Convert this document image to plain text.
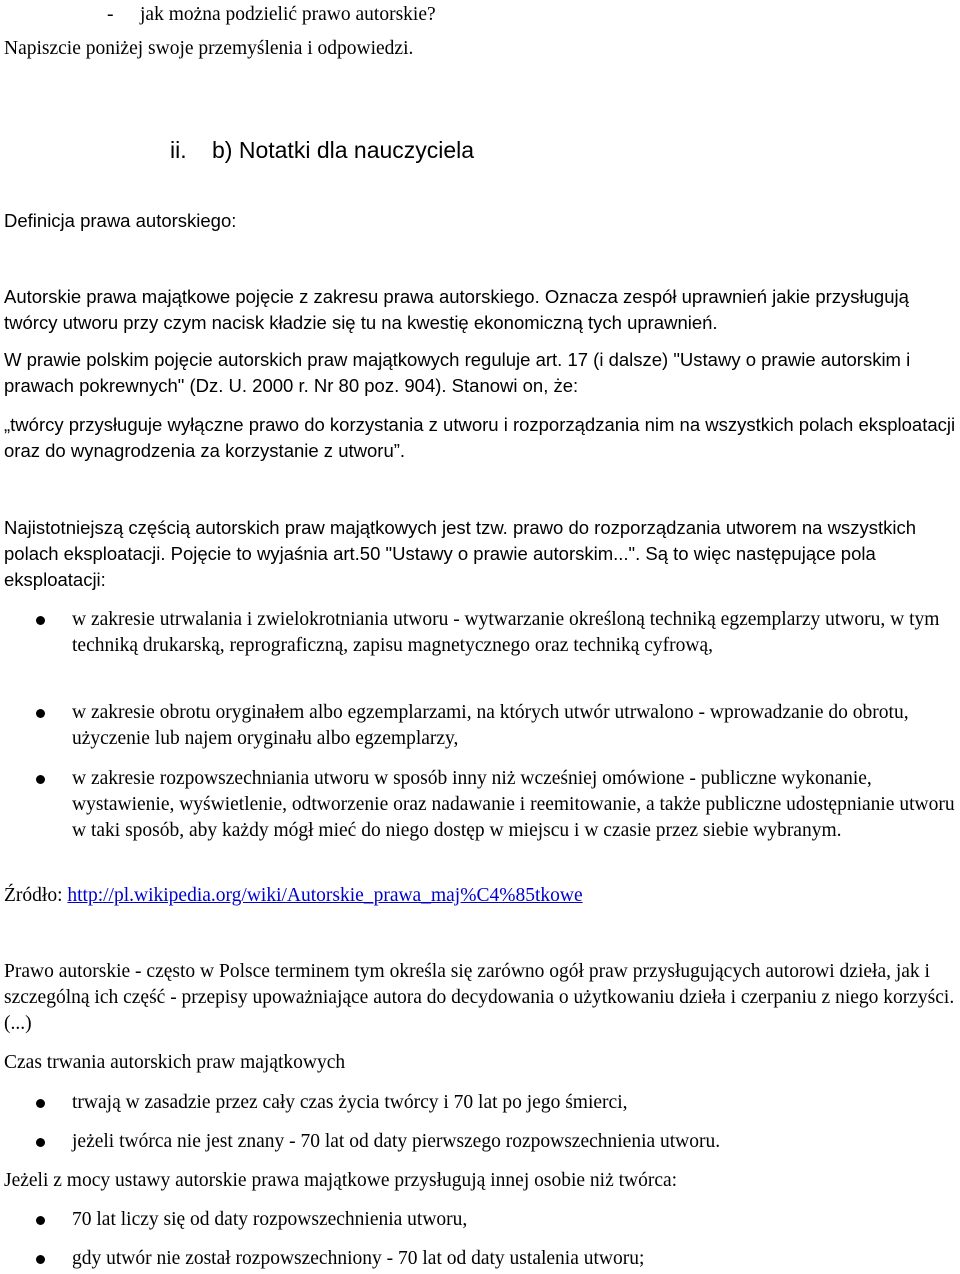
- jak można podzielić prawo autorskie?

Napiszcie poniżej swoje przemyślenia i odpowiedzi.

ii. b) Notatki dla nauczyciela

Definicja prawa autorskiego:

Autorskie prawa majątkowe pojęcie z zakresu prawa autorskiego. Oznacza zespół uprawnień jakie przysługują twórcy utworu przy czym nacisk kładzie się tu na kwestię ekonomiczną tych uprawnień.

W prawie polskim pojęcie autorskich praw majątkowych reguluje art. 17 (i dalsze) "Ustawy o prawie autorskim i prawach pokrewnych" (Dz. U. 2000 r. Nr 80 poz. 904). Stanowi on, że:

„twórcy przysługuje wyłączne prawo do korzystania z utworu i rozporządzania nim na wszystkich polach eksploatacji oraz do wynagrodzenia za korzystanie z utworu”.

Najistotniejszą częścią autorskich praw majątkowych jest tzw. prawo do rozporządzania utworem na wszystkich polach eksploatacji. Pojęcie to wyjaśnia art.50 "Ustawy o prawie autorskim...". Są to więc następujące pola eksploatacji:

w zakresie utrwalania i zwielokrotniania utworu - wytwarzanie określoną techniką egzemplarzy utworu, w tym techniką drukarską, reprograficzną, zapisu magnetycznego oraz techniką cyfrową,

w zakresie obrotu oryginałem albo egzemplarzami, na których utwór utrwalono - wprowadzanie do obrotu, użyczenie lub najem oryginału albo egzemplarzy,

w zakresie rozpowszechniania utworu w sposób inny niż wcześniej omówione - publiczne wykonanie, wystawienie, wyświetlenie, odtworzenie oraz nadawanie i reemitowanie, a także publiczne udostępnianie utworu w taki sposób, aby każdy mógł mieć do niego dostęp w miejscu i w czasie przez siebie wybranym.

Źródło: http://pl.wikipedia.org/wiki/Autorskie_prawa_maj%C4%85tkowe

Prawo autorskie - często w Polsce terminem tym określa się zarówno ogół praw przysługujących autorowi dzieła, jak i szczególną ich część - przepisy upoważniające autora do decydowania o użytkowaniu dzieła i czerpaniu z niego korzyści. (...)

Czas trwania autorskich praw majątkowych

trwają w zasadzie przez cały czas życia twórcy i 70 lat po jego śmierci,

jeżeli twórca nie jest znany - 70 lat od daty pierwszego rozpowszechnienia utworu.

Jeżeli z mocy ustawy autorskie prawa majątkowe przysługują innej osobie niż twórca:

70 lat liczy się od daty rozpowszechnienia utworu,

gdy utwór nie został rozpowszechniony - 70 lat od daty ustalenia utworu;
